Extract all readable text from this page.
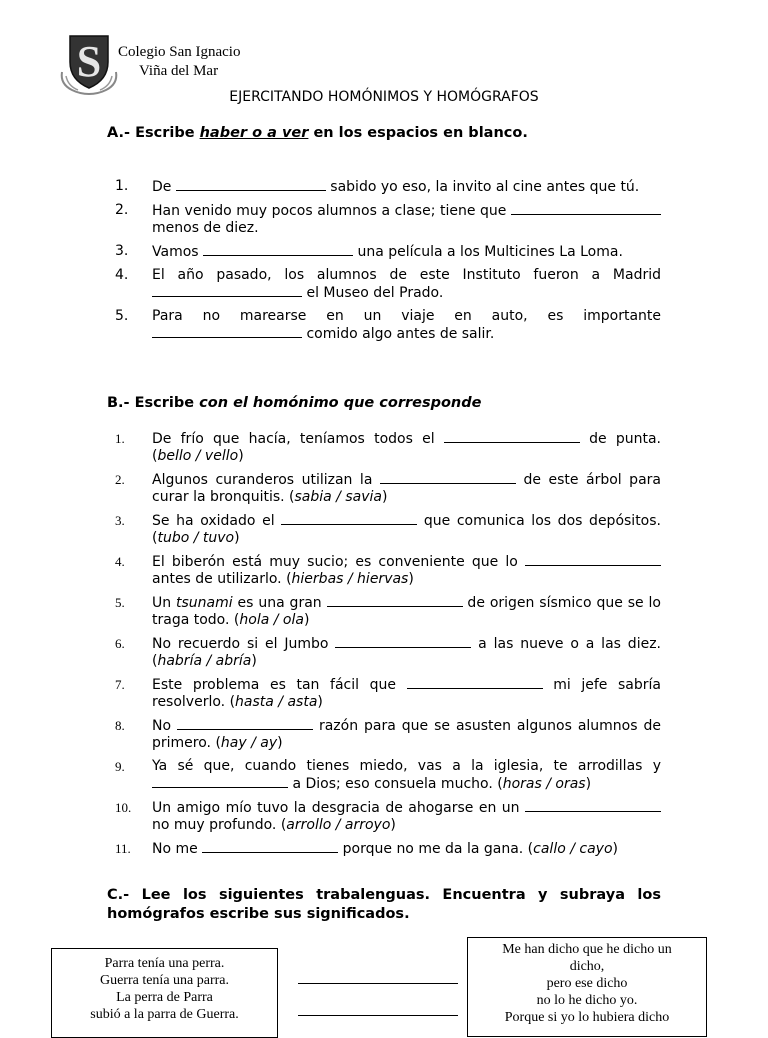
S Colegio San Ignacio
Viña del Mar
EJERCITANDO HOMÓNIMOS Y HOMÓGRAFOS
A.- Escribe haber o a ver en los espacios en blanco.
1.	De	sabido yo eso, la invito al cine antes que tú.
2.	Han venido muy pocos alumnos a clase; tiene que  menos de diez.
3.	Vamos	una película a los Multicines La Loma.
4.	El año pasado, los alumnos de este Instituto fueron a Madrid  el Museo del Prado.
5.	Para no marearse en un viaje en auto, es importante  comido algo antes de salir.
B.- Escribe con el homónimo que corresponde
1.	De frío que hacía, teníamos todos el	de punta. (bello / vello)
2.	Algunos curanderos utilizan la	de este árbol para curar la bronquitis. (sabia / savia)
3.	Se ha oxidado el	que comunica los dos depósitos. (tubo / tuvo)
4.	El biberón está muy sucio; es conveniente que lo  antes de utilizarlo. (hierbas / hiervas)
5.	Un tsunami es una gran	de origen sísmico que se lo traga todo. (hola / ola)
6.	No recuerdo si el Jumbo	a las nueve o a las diez. (habría / abría)
7.	Este problema es tan fácil que	mi jefe sabría resolverlo. (hasta / asta)
8.	No	razón para que se asusten algunos alumnos de primero. (hay / ay)
9.	Ya sé que, cuando tienes miedo, vas a la iglesia, te arrodillas y  a Dios; eso consuela mucho. (horas / oras)
10.	Un amigo mío tuvo la desgracia de ahogarse en un  no muy profundo. (arrollo / arroyo)
11.	No me	porque no me da la gana. (callo / cayo)
C.- Lee los siguientes trabalenguas. Encuentra y subraya los homógrafos escribe sus significados.
Parra tenía una perra.
Guerra tenía una parra.
La perra de Parra
subió a la parra de Guerra.
Me han dicho que he dicho un dicho,
pero ese dicho
no lo he dicho yo.
Porque si yo lo hubiera dicho
